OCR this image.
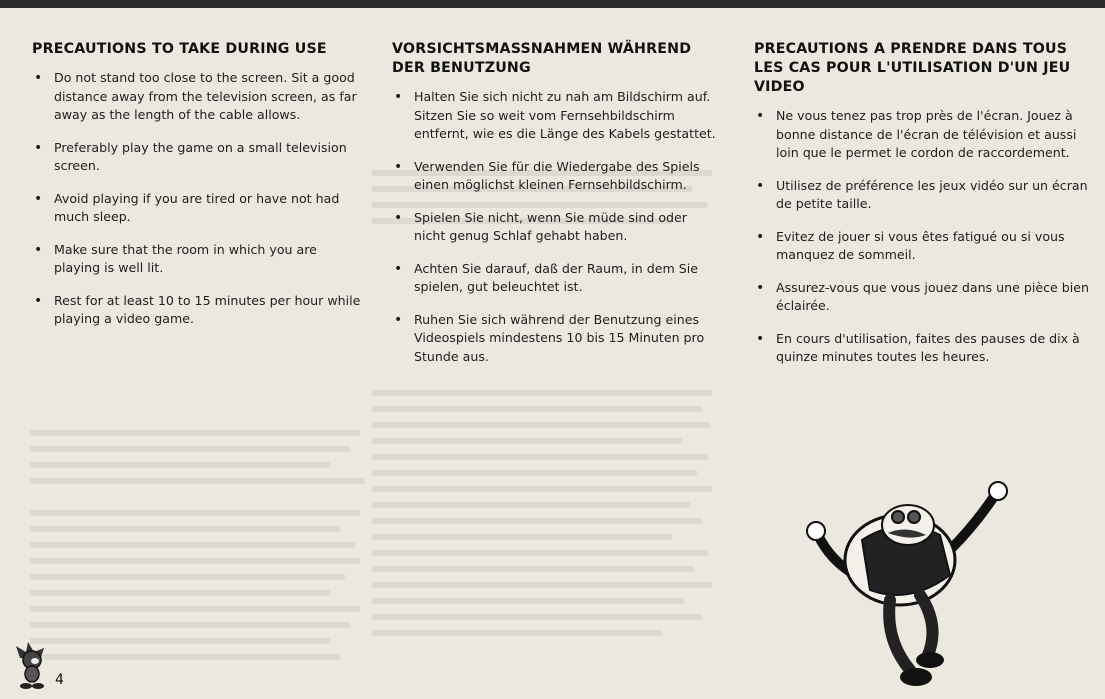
PRECAUTIONS TO TAKE DURING USE
• Do not stand too close to the screen. Sit a good distance away from the television screen, as far away as the length of the cable allows.
• Preferably play the game on a small television screen.
• Avoid playing if you are tired or have not had much sleep.
• Make sure that the room in which you are playing is well lit.
• Rest for at least 10 to 15 minutes per hour while playing a video game.
VORSICHTSMASSNAHMEN WÄHREND DER BENUTZUNG
• Halten Sie sich nicht zu nah am Bildschirm auf. Sitzen Sie so weit vom Fernsehbildschirm entfernt, wie es die Länge des Kabels gestattet.
• Verwenden Sie für die Wiedergabe des Spiels einen möglichst kleinen Fernsehbildschirm.
• Spielen Sie nicht, wenn Sie müde sind oder nicht genug Schlaf gehabt haben.
• Achten Sie darauf, daß der Raum, in dem Sie spielen, gut beleuchtet ist.
• Ruhen Sie sich während der Benutzung eines Videospiels mindestens 10 bis 15 Minuten pro Stunde aus.
PRECAUTIONS A PRENDRE DANS TOUS LES CAS POUR L'UTILISATION D'UN JEU VIDEO
• Ne vous tenez pas trop près de l'écran. Jouez à bonne distance de l'écran de télévision et aussi loin que le permet le cordon de raccordement.
• Utilisez de préférence les jeux vidéo sur un écran de petite taille.
• Evitez de jouer si vous êtes fatigué ou si vous manquez de sommeil.
• Assurez-vous que vous jouez dans une pièce bien éclairée.
• En cours d'utilisation, faites des pauses de dix à quinze minutes toutes les heures.
4
